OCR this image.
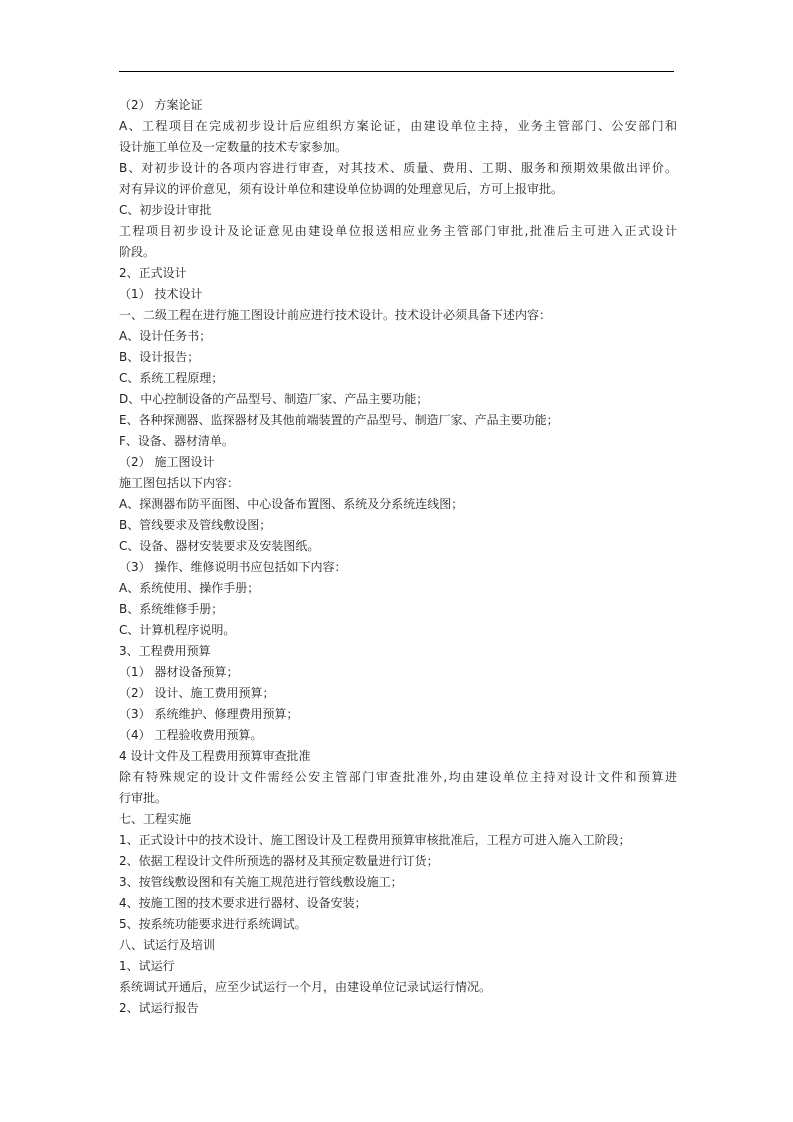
（2） 方案论证
A、工程项目在完成初步设计后应组织方案论证，由建设单位主持，业务主管部门、公安部门和
设计施工单位及一定数量的技术专家参加。
B、对初步设计的各项内容进行审查，对其技术、质量、费用、工期、服务和预期效果做出评价。
对有异议的评价意见，须有设计单位和建设单位协调的处理意见后，方可上报审批。
C、初步设计审批
工程项目初步设计及论证意见由建设单位报送相应业务主管部门审批,批准后主可进入正式设计
阶段。
2、正式设计
（1） 技术设计
一、二级工程在进行施工图设计前应进行技术设计。技术设计必须具备下述内容：
A、设计任务书；
B、设计报告；
C、系统工程原理；
D、中心控制设备的产品型号、制造厂家、产品主要功能；
E、各种探测器、监探器材及其他前端装置的产品型号、制造厂家、产品主要功能；
F、设备、器材清单。
（2） 施工图设计
施工图包括以下内容：
A、探测器布防平面图、中心设备布置图、系统及分系统连线图；
B、管线要求及管线敷设图；
C、设备、器材安装要求及安装图纸。
（3） 操作、维修说明书应包括如下内容：
A、系统使用、操作手册；
B、系统维修手册；
C、计算机程序说明。
3、工程费用预算
（1） 器材设备预算；
（2） 设计、施工费用预算；
（3） 系统维护、修理费用预算；
（4） 工程验收费用预算。
4 设计文件及工程费用预算审查批准
除有特殊规定的设计文件需经公安主管部门审查批准外,均由建设单位主持对设计文件和预算进
行审批。
七、工程实施
1、正式设计中的技术设计、施工图设计及工程费用预算审核批准后，工程方可进入施入工阶段；
2、依据工程设计文件所预选的器材及其预定数量进行订货；
3、按管线敷设图和有关施工规范进行管线敷设施工；
4、按施工图的技术要求进行器材、设备安装；
5、按系统功能要求进行系统调试。
八、试运行及培训
1、试运行
系统调试开通后，应至少试运行一个月，由建设单位记录试运行情况。
2、试运行报告
